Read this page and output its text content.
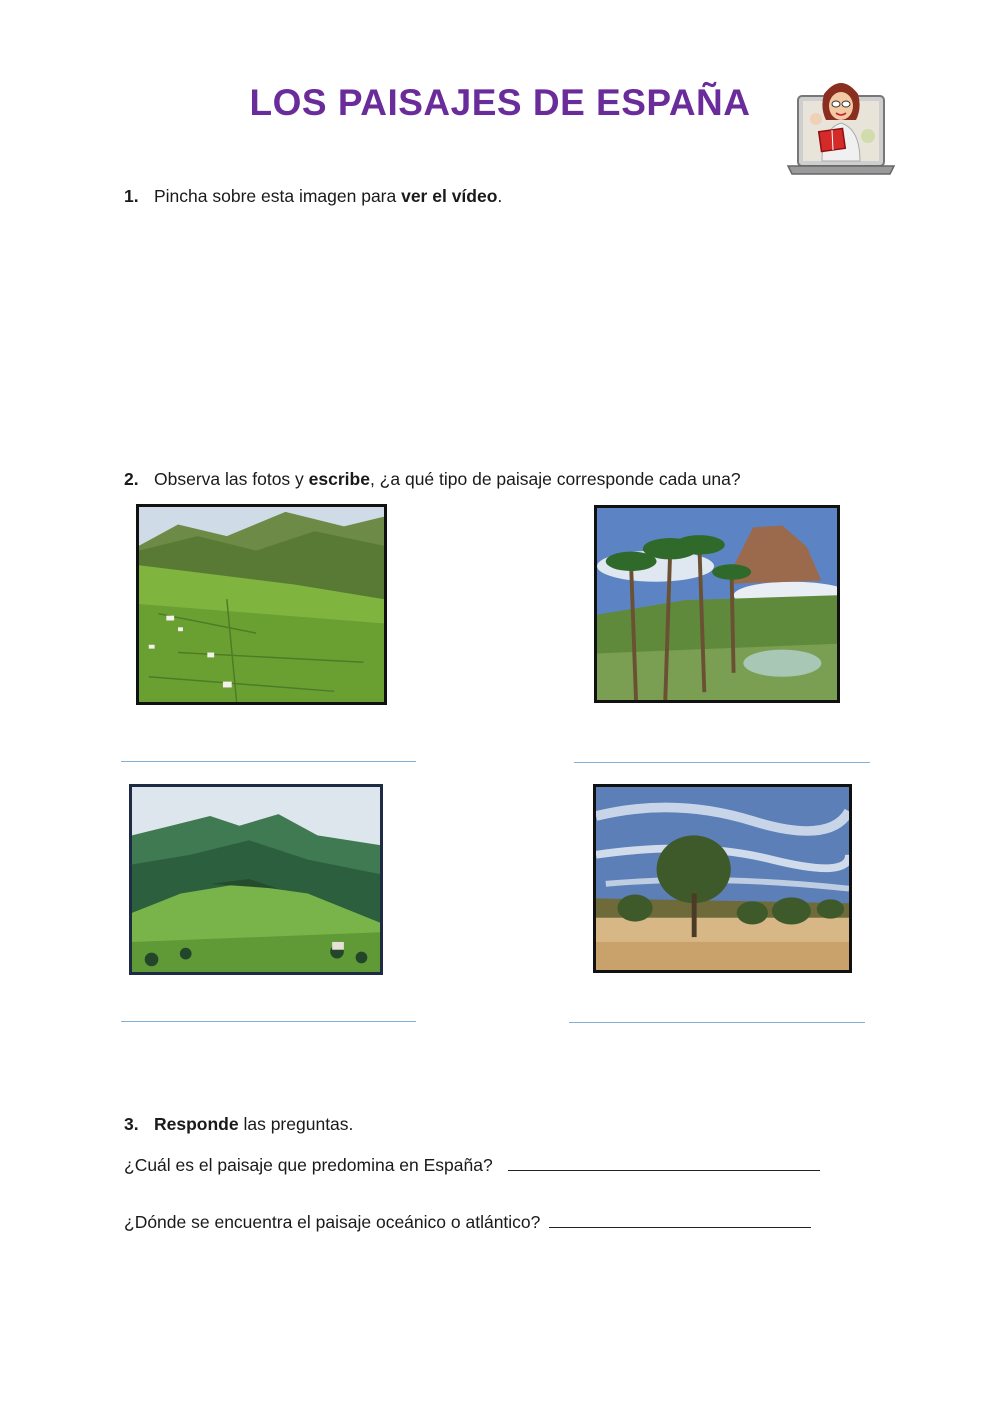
LOS PAISAJES DE ESPAÑA
1. Pincha sobre esta imagen para ver el vídeo.
2. Observa las fotos y escribe, ¿a qué tipo de paisaje corresponde cada una?
3. Responde las preguntas.
¿Cuál es el paisaje que predomina en España?
¿Dónde se encuentra el paisaje oceánico o atlántico?
